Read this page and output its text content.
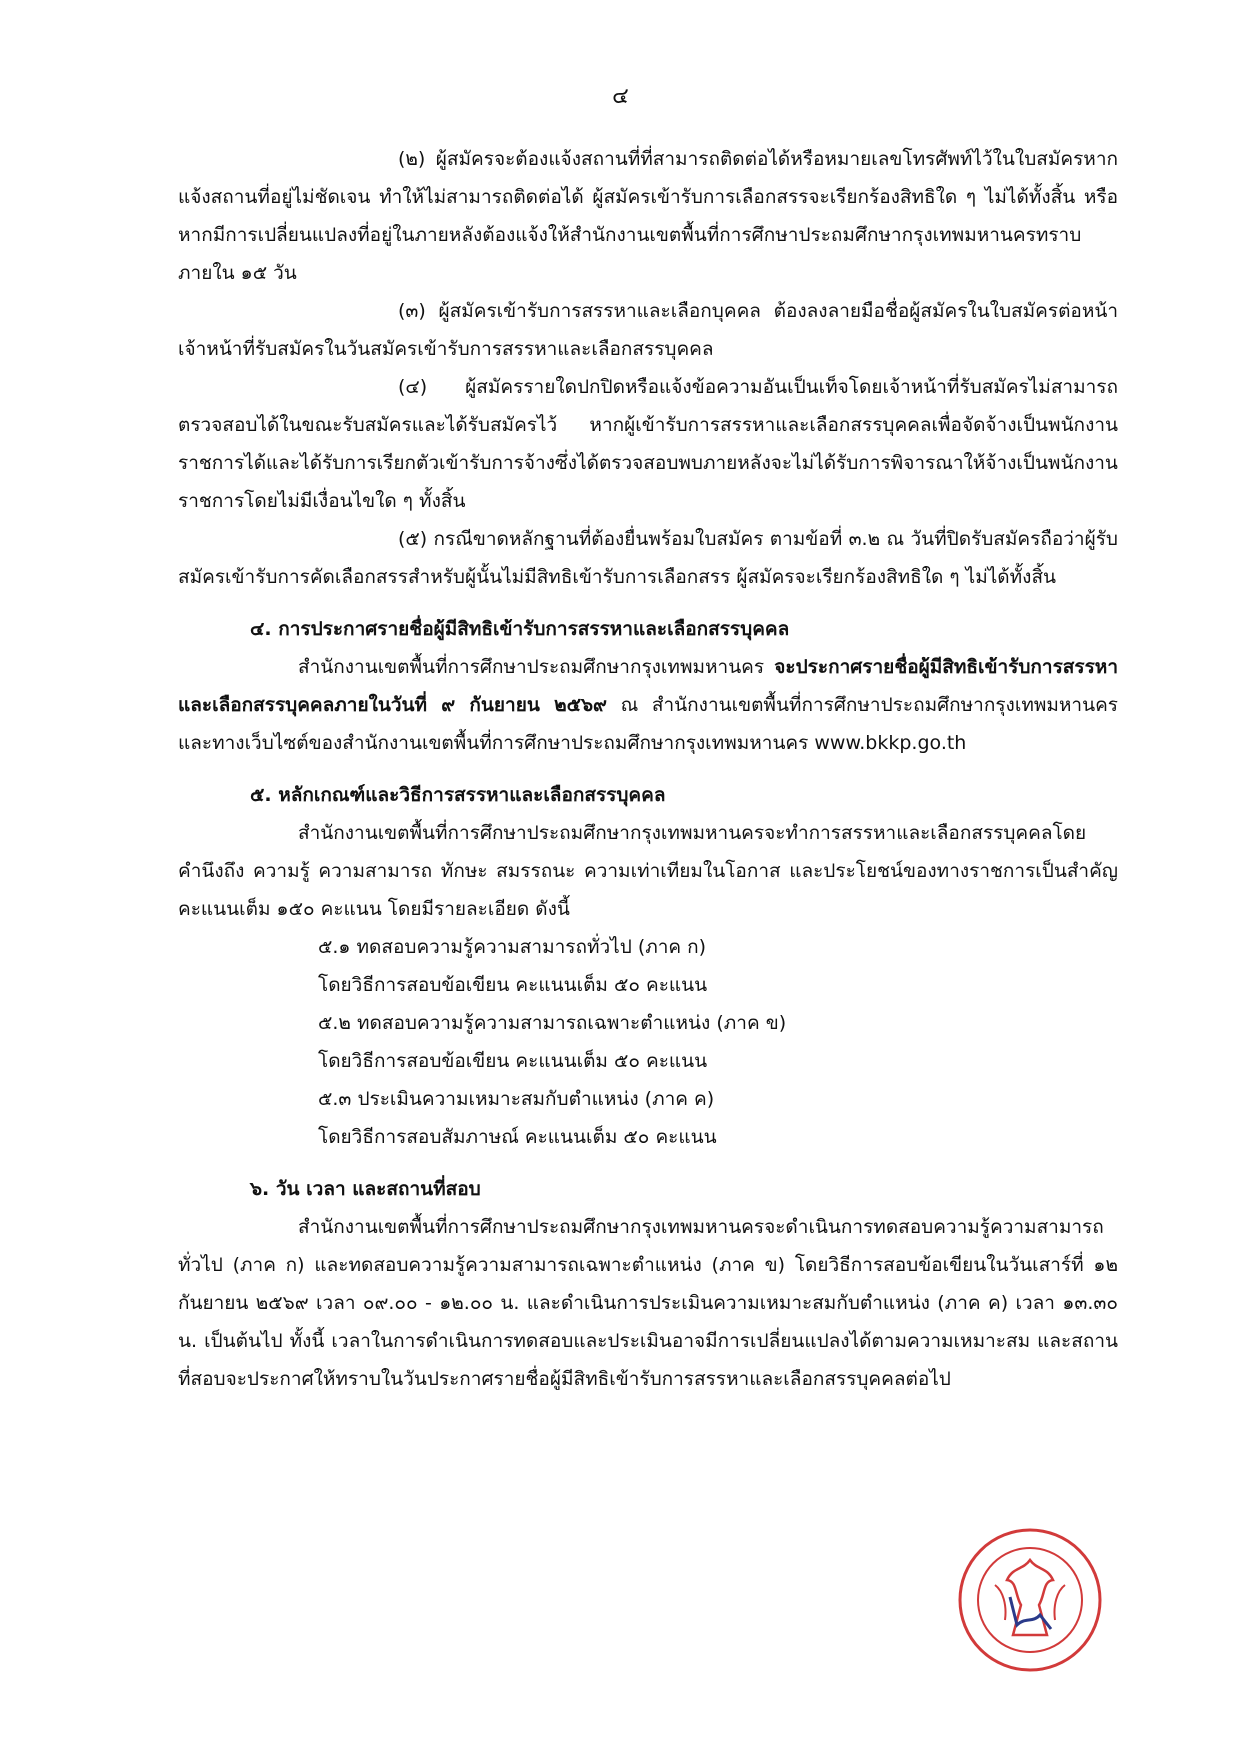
๔

(๒) ผู้สมัครจะต้องแจ้งสถานที่ที่สามารถติดต่อได้หรือหมายเลขโทรศัพท์ไว้ในใบสมัครหากแจ้งสถานที่อยู่ไม่ชัดเจน ทำให้ไม่สามารถติดต่อได้ ผู้สมัครเข้ารับการเลือกสรรจะเรียกร้องสิทธิใด ๆ ไม่ได้ทั้งสิ้น หรือหากมีการเปลี่ยนแปลงที่อยู่ในภายหลังต้องแจ้งให้สำนักงานเขตพื้นที่การศึกษาประถมศึกษากรุงเทพมหานครทราบภายใน ๑๕ วัน

(๓) ผู้สมัครเข้ารับการสรรหาและเลือกบุคคล ต้องลงลายมือชื่อผู้สมัครในใบสมัครต่อหน้าเจ้าหน้าที่รับสมัครในวันสมัครเข้ารับการสรรหาและเลือกสรรบุคคล

(๔) ผู้สมัครรายใดปกปิดหรือแจ้งข้อความอันเป็นเท็จโดยเจ้าหน้าที่รับสมัครไม่สามารถ ตรวจสอบได้ในขณะรับสมัครและได้รับสมัครไว้ หากผู้เข้ารับการสรรหาและเลือกสรรบุคคลเพื่อจัดจ้างเป็นพนักงานราชการได้และได้รับการเรียกตัวเข้ารับการจ้างซึ่งได้ตรวจสอบพบภายหลังจะไม่ได้รับการพิจารณาให้จ้างเป็นพนักงานราชการโดยไม่มีเงื่อนไขใด ๆ ทั้งสิ้น

(๕) กรณีขาดหลักฐานที่ต้องยื่นพร้อมใบสมัคร ตามข้อที่ ๓.๒ ณ วันที่ปิดรับสมัครถือว่าผู้รับสมัครเข้ารับการคัดเลือกสรรสำหรับผู้นั้นไม่มีสิทธิเข้ารับการเลือกสรร ผู้สมัครจะเรียกร้องสิทธิใด ๆ ไม่ได้ทั้งสิ้น

๔. การประกาศรายชื่อผู้มีสิทธิเข้ารับการสรรหาและเลือกสรรบุคคล

สำนักงานเขตพื้นที่การศึกษาประถมศึกษากรุงเทพมหานคร จะประกาศรายชื่อผู้มีสิทธิเข้ารับการสรรหาและเลือกสรรบุคคลภายในวันที่ ๙ กันยายน ๒๕๖๙ ณ สำนักงานเขตพื้นที่การศึกษาประถมศึกษากรุงเทพมหานคร และทางเว็บไซต์ของสำนักงานเขตพื้นที่การศึกษาประถมศึกษากรุงเทพมหานคร www.bkkp.go.th

๕. หลักเกณฑ์และวิธีการสรรหาและเลือกสรรบุคคล

สำนักงานเขตพื้นที่การศึกษาประถมศึกษากรุงเทพมหานครจะทำการสรรหาและเลือกสรรบุคคลโดยคำนึงถึง ความรู้ ความสามารถ ทักษะ สมรรถนะ ความเท่าเทียมในโอกาส และประโยชน์ของทางราชการเป็นสำคัญ คะแนนเต็ม ๑๕๐ คะแนน โดยมีรายละเอียด ดังนี้

๕.๑ ทดสอบความรู้ความสามารถทั่วไป (ภาค ก)

โดยวิธีการสอบข้อเขียน คะแนนเต็ม ๕๐ คะแนน

๕.๒ ทดสอบความรู้ความสามารถเฉพาะตำแหน่ง (ภาค ข)

โดยวิธีการสอบข้อเขียน คะแนนเต็ม ๕๐ คะแนน

๕.๓ ประเมินความเหมาะสมกับตำแหน่ง (ภาค ค)

โดยวิธีการสอบสัมภาษณ์ คะแนนเต็ม ๕๐ คะแนน

๖. วัน เวลา และสถานที่สอบ

สำนักงานเขตพื้นที่การศึกษาประถมศึกษากรุงเทพมหานครจะดำเนินการทดสอบความรู้ความสามารถทั่วไป (ภาค ก) และทดสอบความรู้ความสามารถเฉพาะตำแหน่ง (ภาค ข) โดยวิธีการสอบข้อเขียนในวันเสาร์ที่ ๑๒ กันยายน ๒๕๖๙ เวลา ๐๙.๐๐ - ๑๒.๐๐ น. และดำเนินการประเมินความเหมาะสมกับตำแหน่ง (ภาค ค) เวลา ๑๓.๓๐ น. เป็นต้นไป ทั้งนี้ เวลาในการดำเนินการทดสอบและประเมินอาจมีการเปลี่ยนแปลงได้ตามความเหมาะสม และสถานที่สอบจะประกาศให้ทราบในวันประกาศรายชื่อผู้มีสิทธิเข้ารับการสรรหาและเลือกสรรบุคคลต่อไป
